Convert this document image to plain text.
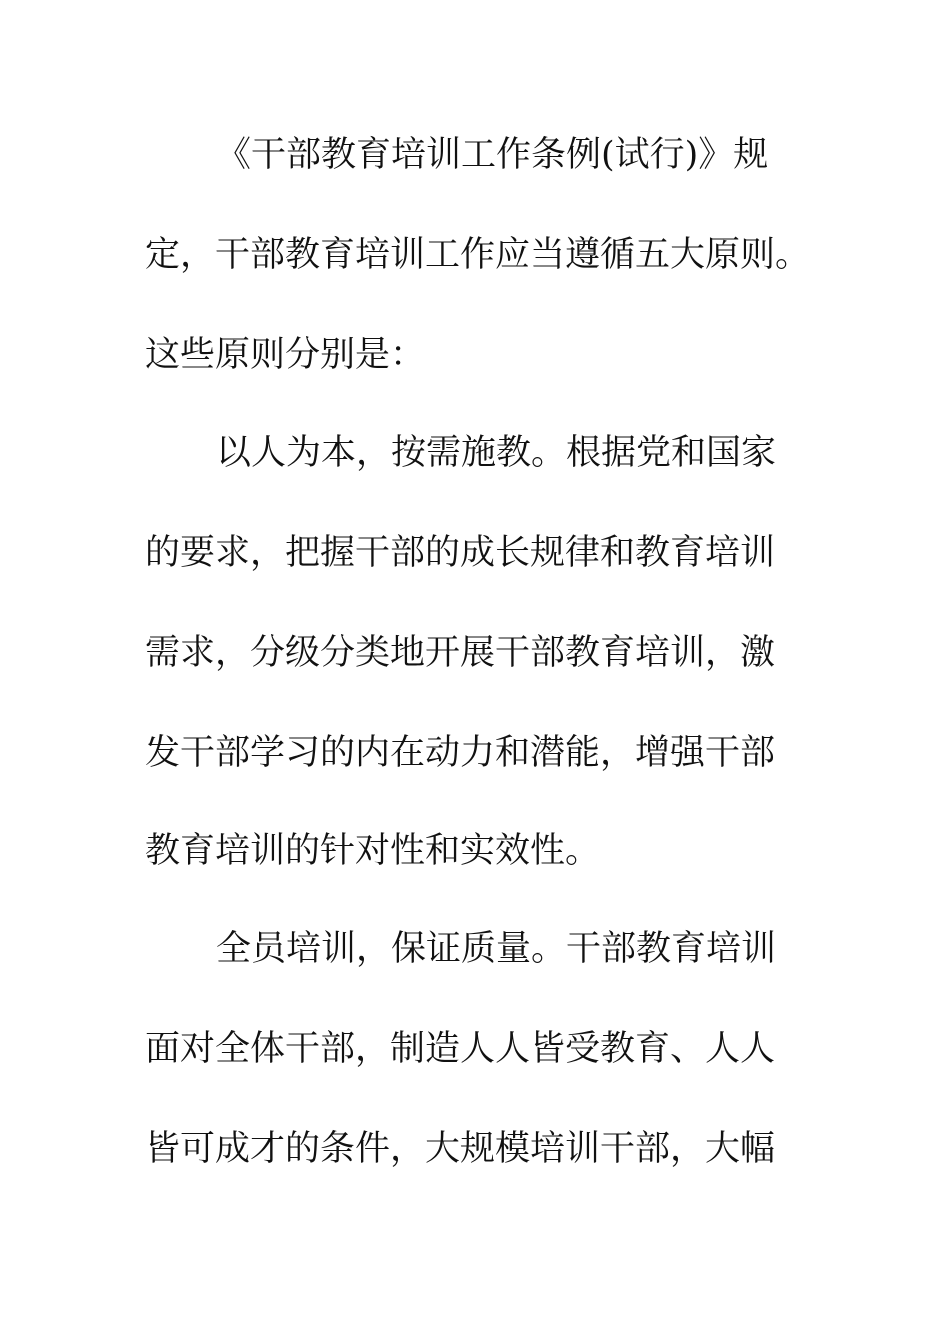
《干部教育培训工作条例(试行)》规
定，干部教育培训工作应当遵循五大原则。
这些原则分别是：
以人为本，按需施教。根据党和国家
的要求，把握干部的成长规律和教育培训
需求，分级分类地开展干部教育培训，激
发干部学习的内在动力和潜能，增强干部
教育培训的针对性和实效性。
全员培训，保证质量。干部教育培训
面对全体干部，制造人人皆受教育、人人
皆可成才的条件，大规模培训干部，大幅
